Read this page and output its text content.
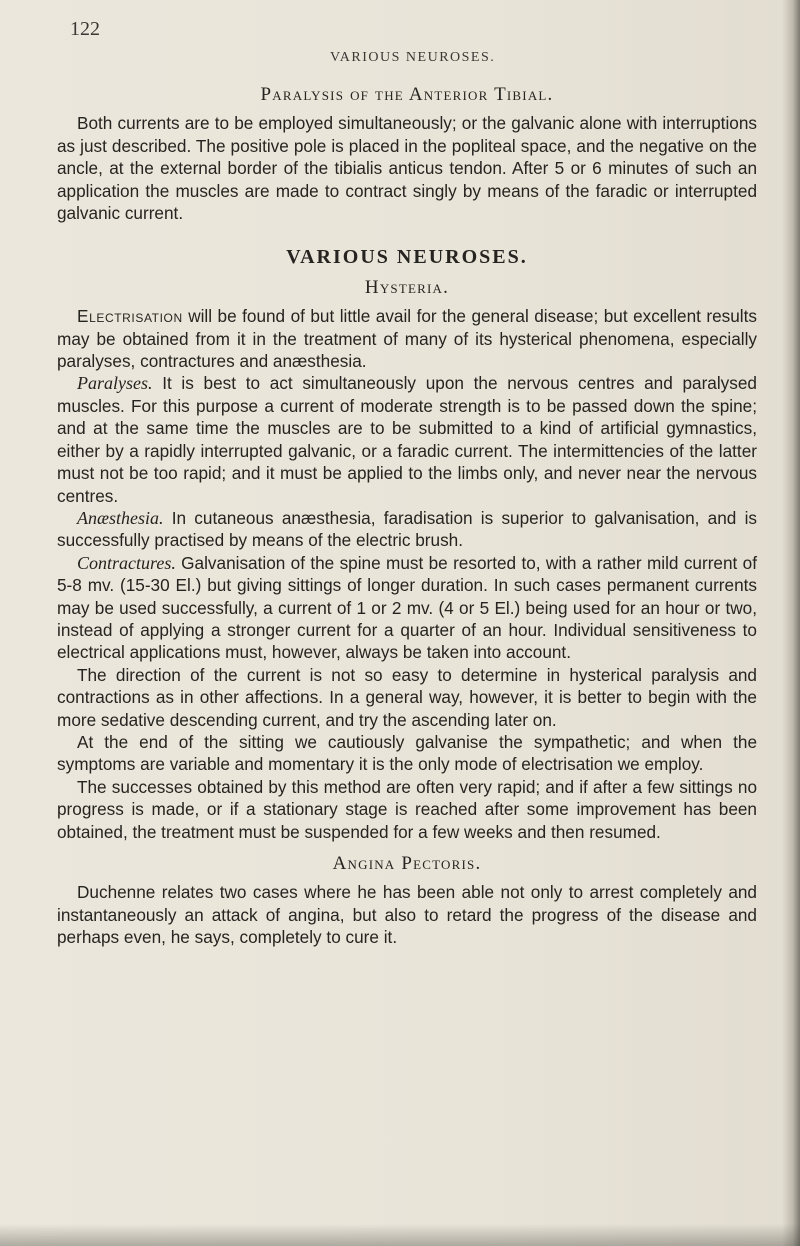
122
VARIOUS NEUROSES.
Paralysis of the Anterior Tibial.

Both currents are to be employed simultaneously; or the galvanic alone with interruptions as just described. The positive pole is placed in the popliteal space, and the negative on the ancle, at the external border of the tibialis anticus tendon. After 5 or 6 minutes of such an application the muscles are made to contract singly by means of the faradic or interrupted galvanic current.

VARIOUS NEUROSES.
Hysteria.

Electrisation will be found of but little avail for the general disease; but excellent results may be obtained from it in the treatment of many of its hysterical phenomena, especially paralyses, contractures and anæsthesia.

Paralyses. It is best to act simultaneously upon the nervous centres and paralysed muscles. For this purpose a current of moderate strength is to be passed down the spine; and at the same time the muscles are to be submitted to a kind of artificial gymnastics, either by a rapidly interrupted galvanic, or a faradic current. The intermittencies of the latter must not be too rapid; and it must be applied to the limbs only, and never near the nervous centres.

Anæsthesia. In cutaneous anæsthesia, faradisation is superior to galvanisation, and is successfully practised by means of the electric brush.

Contractures. Galvanisation of the spine must be resorted to, with a rather mild current of 5-8 mv. (15-30 El.) but giving sittings of longer duration. In such cases permanent currents may be used successfully, a current of 1 or 2 mv. (4 or 5 El.) being used for an hour or two, instead of applying a stronger current for a quarter of an hour. Individual sensitiveness to electrical applications must, however, always be taken into account.

The direction of the current is not so easy to determine in hysterical paralysis and contractions as in other affections. In a general way, however, it is better to begin with the more sedative descending current, and try the ascending later on.

At the end of the sitting we cautiously galvanise the sympathetic; and when the symptoms are variable and momentary it is the only mode of electrisation we employ.

The successes obtained by this method are often very rapid; and if after a few sittings no progress is made, or if a stationary stage is reached after some improvement has been obtained, the treatment must be suspended for a few weeks and then resumed.

Angina Pectoris.

Duchenne relates two cases where he has been able not only to arrest completely and instantaneously an attack of angina, but also to retard the progress of the disease and perhaps even, he says, completely to cure it.
